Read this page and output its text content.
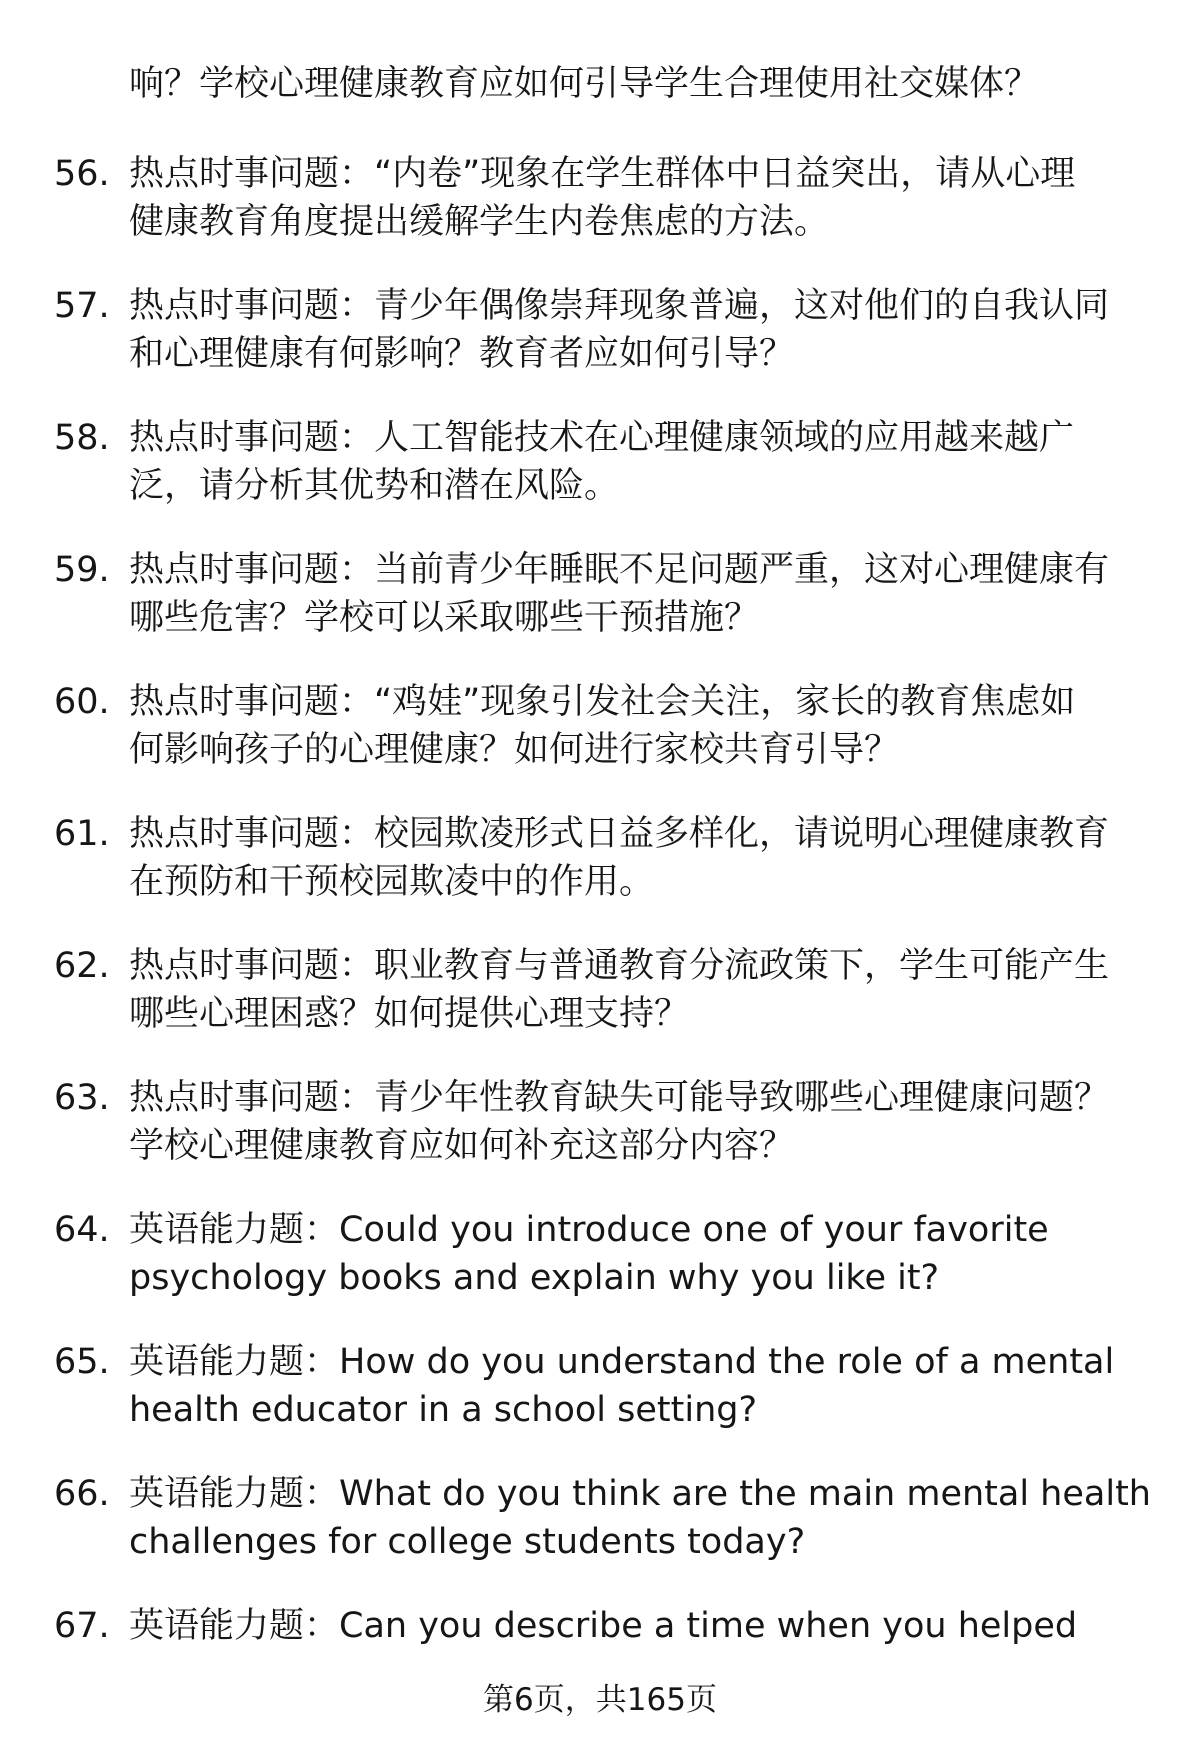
响？学校心理健康教育应如何引导学生合理使用社交媒体？
56. 热点时事问题：“内卷”现象在学生群体中日益突出，请从心理
健康教育角度提出缓解学生内卷焦虑的方法。
57. 热点时事问题：青少年偶像崇拜现象普遍，这对他们的自我认同
和心理健康有何影响？教育者应如何引导？
58. 热点时事问题：人工智能技术在心理健康领域的应用越来越广
泛，请分析其优势和潜在风险。
59. 热点时事问题：当前青少年睡眠不足问题严重，这对心理健康有
哪些危害？学校可以采取哪些干预措施？
60. 热点时事问题：“鸡娃”现象引发社会关注，家长的教育焦虑如
何影响孩子的心理健康？如何进行家校共育引导？
61. 热点时事问题：校园欺凌形式日益多样化，请说明心理健康教育
在预防和干预校园欺凌中的作用。
62. 热点时事问题：职业教育与普通教育分流政策下，学生可能产生
哪些心理困惑？如何提供心理支持？
63. 热点时事问题：青少年性教育缺失可能导致哪些心理健康问题？
学校心理健康教育应如何补充这部分内容？
64. 英语能力题：Could you introduce one of your favorite
psychology books and explain why you like it?
65. 英语能力题：How do you understand the role of a mental
health educator in a school setting?
66. 英语能力题：What do you think are the main mental health
challenges for college students today?
67. 英语能力题：Can you describe a time when you helped
第6页，共165页
